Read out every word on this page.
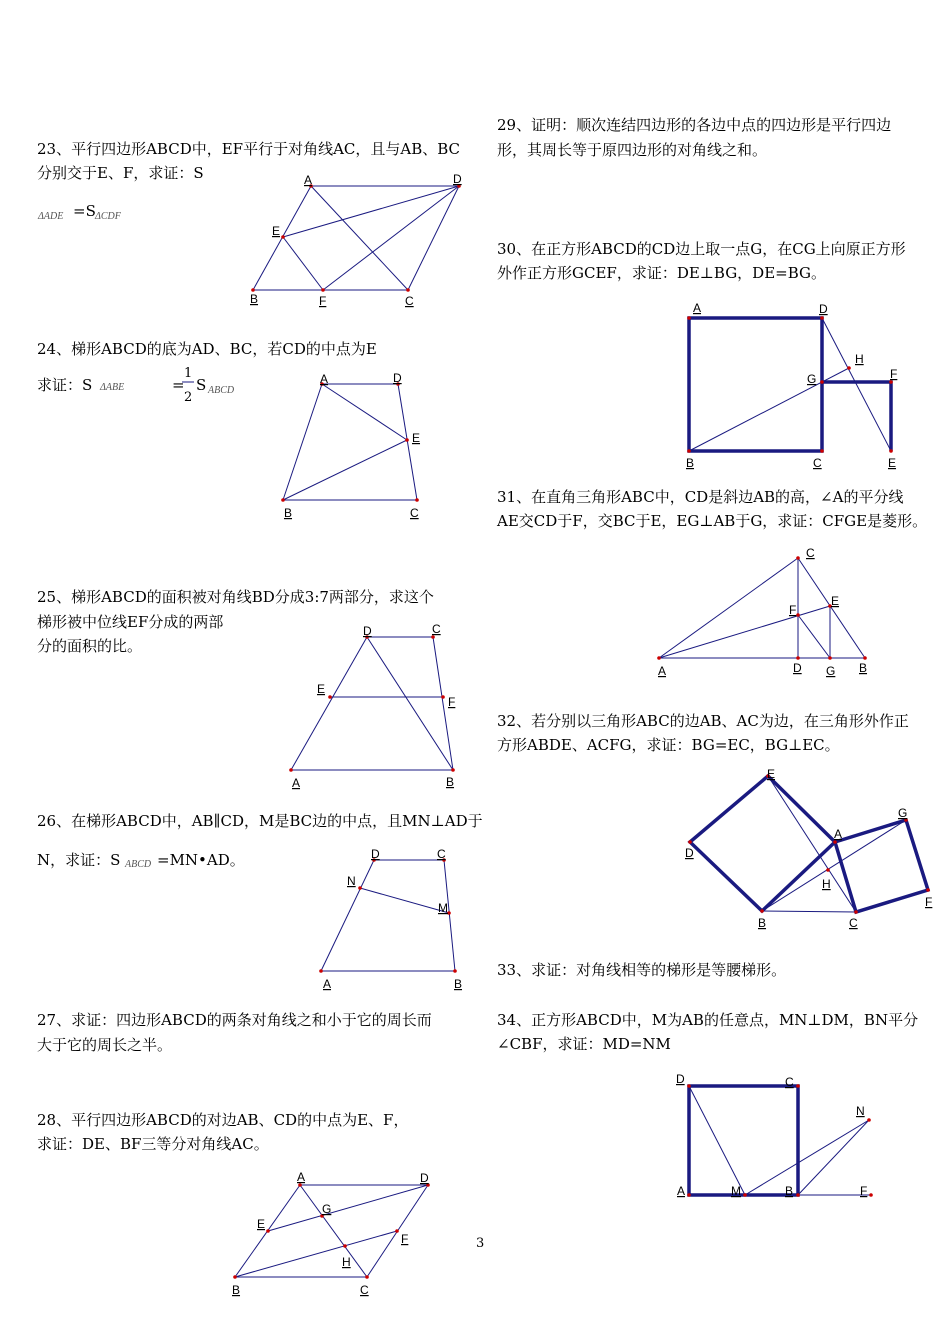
23、平行四边形ABCD中，EF平行于对角线AC，且与AB、BC

分别交于E、F，求证：S

ΔADE =S ΔCDF
A	D
E
B	F	C

24、梯形ABCD的底为AD、BC，若CD的中点为E

求证：S ΔABE	=
1
2
S ABCD
A	D
E
B	C

25、梯形ABCD的面积被对角线BD分成3:7两部分，求这个

梯形被中位线EF分成的两部

分的面积的比。

D	C
E
F
A	B

26、在梯形ABCD中，AB∥CD，M是BC边的中点，且MN⊥AD于

N，求证：S ABCD =MN•AD。	D	C
N
M
A	B

27、求证：四边形ABCD的两条对角线之和小于它的周长而

大于它的周长之半。

28、平行四边形ABCD的对边AB、CD的中点为E、F，

求证：DE、BF三等分对角线AC。

A	D
E
G
F
H
B	C

29、证明：顺次连结四边形的各边中点的四边形是平行四边

形，其周长等于原四边形的对角线之和。

30、在正方形ABCD的CD边上取一点G，在CG上向原正方形

外作正方形GCEF，求证：DE⊥BG，DE=BG。

A	D
H
F
G
B	C	E

31、在直角三角形ABC中，CD是斜边AB的高，∠A的平分线

AE交CD于F，交BC于E，EG⊥AB于G，求证：CFGE是菱形。

C
F
E
A	D G B

32、若分别以三角形ABC的边AB、AC为边，在三角形外作正

方形ABDE、ACFG，求证：BG=EC，BG⊥EC。

E
G
A
D
H
F
B	C

33、求证：对角线相等的梯形是等腰梯形。

34、正方形ABCD中，M为AB的任意点，MN⊥DM，BN平分

∠CBF，求证：MD=NM

D	C
N
A	M	B	F
3
